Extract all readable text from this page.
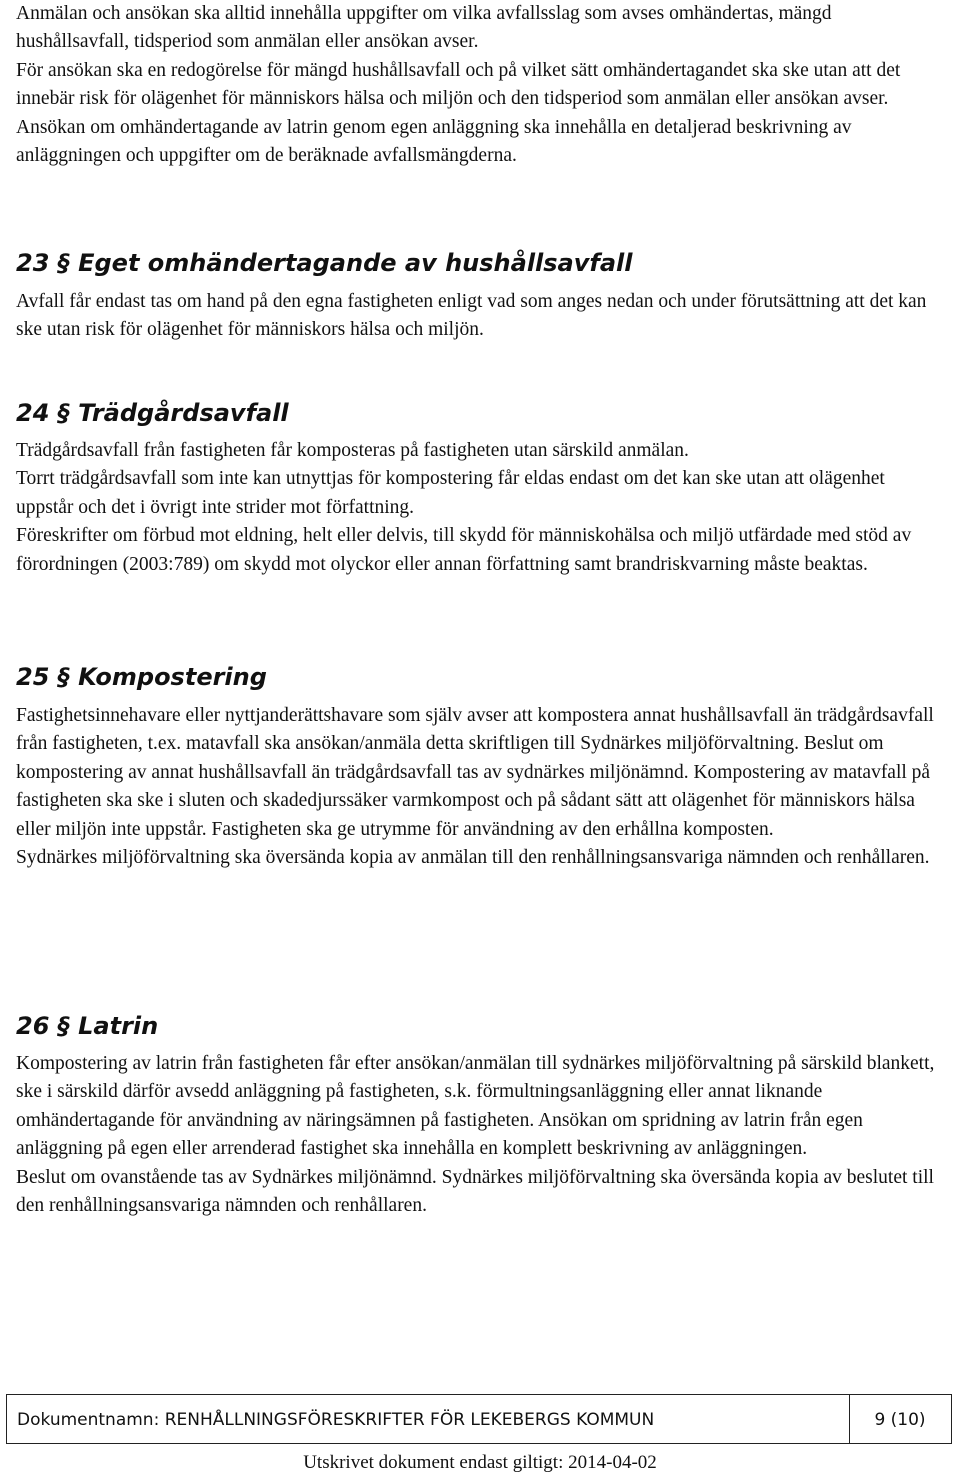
Anmälan och ansökan ska alltid innehålla uppgifter om vilka avfallsslag som avses omhändertas, mängd hushållsavfall, tidsperiod som anmälan eller ansökan avser.

För ansökan ska en redogörelse för mängd hushållsavfall och på vilket sätt omhändertagandet ska ske utan att det innebär risk för olägenhet för människors hälsa och miljön och den tidsperiod som anmälan eller ansökan avser. Ansökan om omhändertagande av latrin genom egen anläggning ska innehålla en detaljerad beskrivning av anläggningen och uppgifter om de beräknade avfallsmängderna.

23 § Eget omhändertagande av hushållsavfall

Avfall får endast tas om hand på den egna fastigheten enligt vad som anges nedan och under förutsättning att det kan ske utan risk för olägenhet för människors hälsa och miljön.

24 § Trädgårdsavfall

Trädgårdsavfall från fastigheten får komposteras på fastigheten utan särskild anmälan.

Torrt trädgårdsavfall som inte kan utnyttjas för kompostering får eldas endast om det kan ske utan att olägenhet uppstår och det i övrigt inte strider mot författning.

Föreskrifter om förbud mot eldning, helt eller delvis, till skydd för människohälsa och miljö utfärdade med stöd av förordningen (2003:789) om skydd mot olyckor eller annan författning samt brandriskvarning måste beaktas.

25 § Kompostering

Fastighetsinnehavare eller nyttjanderättshavare som själv avser att kompostera annat hushållsavfall än trädgårdsavfall från fastigheten, t.ex. matavfall ska ansökan/anmäla detta skriftligen till Sydnärkes miljöförvaltning. Beslut om kompostering av annat hushållsavfall än trädgårdsavfall tas av sydnärkes miljönämnd. Kompostering av matavfall på fastigheten ska ske i sluten och skadedjurssäker varmkompost och på sådant sätt att olägenhet för människors hälsa eller miljön inte uppstår. Fastigheten ska ge utrymme för användning av den erhållna komposten.

Sydnärkes miljöförvaltning ska översända kopia av anmälan till den renhållningsansvariga nämnden och renhållaren.

26 § Latrin

Kompostering av latrin från fastigheten får efter ansökan/anmälan till sydnärkes miljöförvaltning på särskild blankett, ske i särskild därför avsedd anläggning på fastigheten, s.k. förmultningsanläggning eller annat liknande omhändertagande för användning av näringsämnen på fastigheten. Ansökan om spridning av latrin från egen anläggning på egen eller arrenderad fastighet ska innehålla en komplett beskrivning av anläggningen.

Beslut om ovanstående tas av Sydnärkes miljönämnd. Sydnärkes miljöförvaltning ska översända kopia av beslutet till den renhållningsansvariga nämnden och renhållaren.

Dokumentnamn: RENHÅLLNINGSFÖRESKRIFTER FÖR LEKEBERGS KOMMUN	9 (10)
Utskrivet dokument endast giltigt: 2014-04-02
